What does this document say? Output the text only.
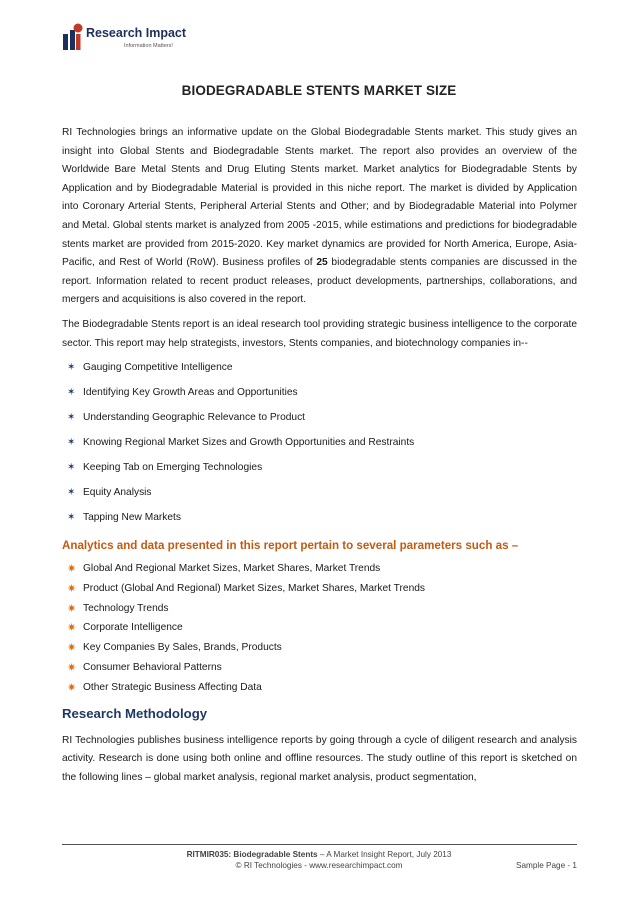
Research Impact
Information Matters!
BIODEGRADABLE STENTS MARKET SIZE

RI Technologies brings an informative update on the Global Biodegradable Stents market. This study gives an insight into Global Stents and Biodegradable Stents market. The report also provides an overview of the Worldwide Bare Metal Stents and Drug Eluting Stents market. Market analytics for Biodegradable Stents by Application and by Biodegradable Material is provided in this niche report. The market is divided by Application into Coronary Arterial Stents, Peripheral Arterial Stents and Other; and by Biodegradable Material into Polymer and Metal. Global stents market is analyzed from 2005 -2015, while estimations and predictions for biodegradable stents market are provided from 2015-2020. Key market dynamics are provided for North America, Europe, Asia-Pacific, and Rest of World (RoW). Business profiles of 25 biodegradable stents companies are discussed in the report. Information related to recent product releases, product developments, partnerships, collaborations, and mergers and acquisitions is also covered in the report.

The Biodegradable Stents report is an ideal research tool providing strategic business intelligence to the corporate sector. This report may help strategists, investors, Stents companies, and biotechnology companies in--

✶ Gauging Competitive Intelligence
✶ Identifying Key Growth Areas and Opportunities
✶ Understanding Geographic Relevance to Product
✶ Knowing Regional Market Sizes and Growth Opportunities and Restraints
✶ Keeping Tab on Emerging Technologies
✶ Equity Analysis
✶ Tapping New Markets
Analytics and data presented in this report pertain to several parameters such as –
✷ Global And Regional Market Sizes, Market Shares, Market Trends
✷ Product (Global And Regional) Market Sizes, Market Shares, Market Trends
✷ Technology Trends
✷ Corporate Intelligence
✷ Key Companies By Sales, Brands, Products
✷ Consumer Behavioral Patterns
✷ Other Strategic Business Affecting Data
Research Methodology

RI Technologies publishes business intelligence reports by going through a cycle of diligent research and analysis activity. Research is done using both online and offline resources. The study outline of this report is sketched on the following lines – global market analysis, regional market analysis, product segmentation,

RITMIR035: Biodegradable Stents – A Market Insight Report, July 2013
© RI Technologies - www.researchimpact.com	Sample Page - 1
